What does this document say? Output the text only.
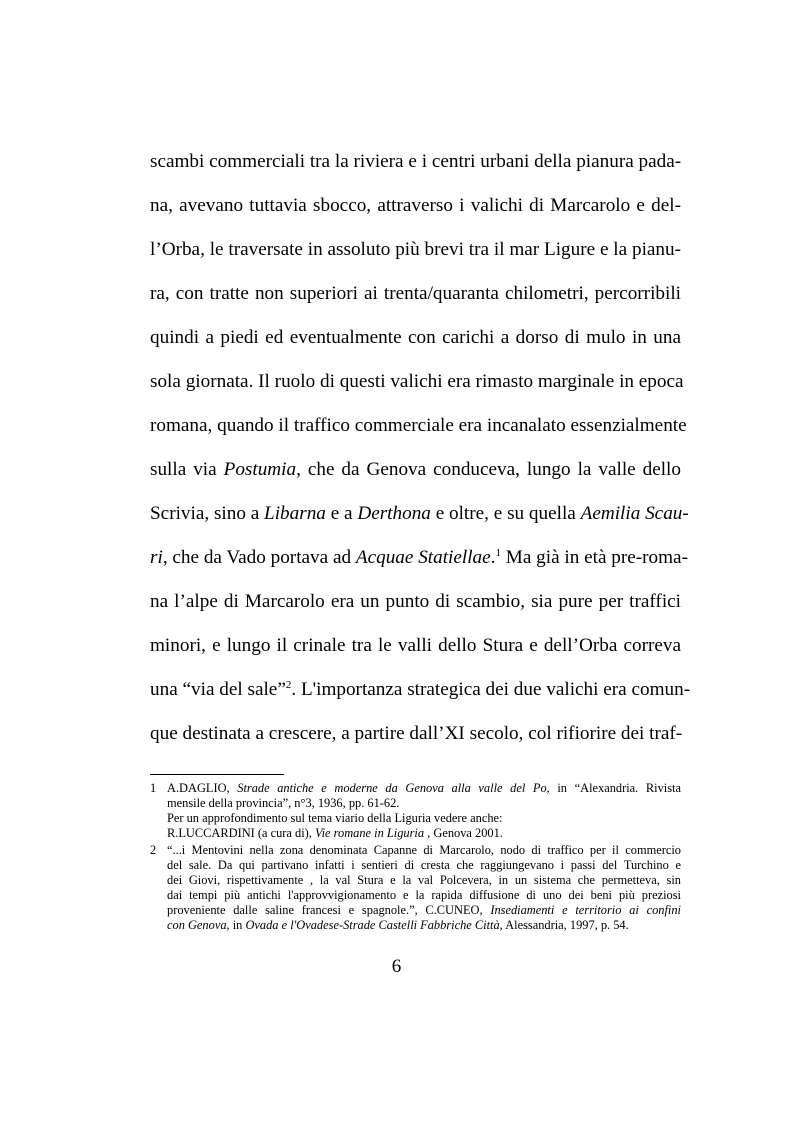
scambi commerciali tra la riviera e i centri urbani della pianura pada-
na, avevano tuttavia sbocco, attraverso i valichi di Marcarolo e del-
l’Orba, le traversate in assoluto più brevi tra il mar Ligure e la pianu-
ra, con tratte non superiori ai trenta/quaranta chilometri, percorribili
quindi a piedi ed eventualmente con carichi a dorso di mulo in una
sola giornata. Il ruolo di questi valichi era rimasto marginale in epoca
romana, quando il traffico commerciale era incanalato essenzialmente
sulla via Postumia, che da Genova conduceva, lungo la valle dello
Scrivia, sino a Libarna e a Derthona e oltre, e su quella Aemilia Scau-
ri, che da Vado portava ad Acquae Statiellae.$^1$ Ma già in età pre-roma-
na l’alpe di Marcarolo era un punto di scambio, sia pure per traffici
minori, e lungo il crinale tra le valli dello Stura e dell’Orba correva
una “via del sale”$^2$. L'importanza strategica dei due valichi era comun-
que destinata a crescere, a partire dall’XI secolo, col rifiorire dei traf-
1 A.DAGLIO, Strade antiche e moderne da Genova alla valle del Po, in “Alexandria. Rivista
mensile della provincia”, n°3, 1936, pp. 61-62.
Per un approfondimento sul tema viario della Liguria vedere anche:
R.LUCCARDINI (a cura di), Vie romane in Liguria , Genova 2001.
2 “...i Mentovini nella zona denominata Capanne di Marcarolo, nodo di traffico per il commercio
del sale. Da qui partivano infatti i sentieri di cresta che raggiungevano i passi del Turchino e
dei Giovi, rispettivamente , la val Stura e la val Polcevera, in un sistema che permetteva, sin
dai tempi più antichi l'approvvigionamento e la rapida diffusione di uno dei beni più preziosi
proveniente dalle saline francesi e spagnole.”, C.CUNEO, Insediamenti e territorio ai confini
con Genova, in Ovada e l'Ovadese-Strade Castelli Fabbriche Città, Alessandria, 1997, p. 54.
6
